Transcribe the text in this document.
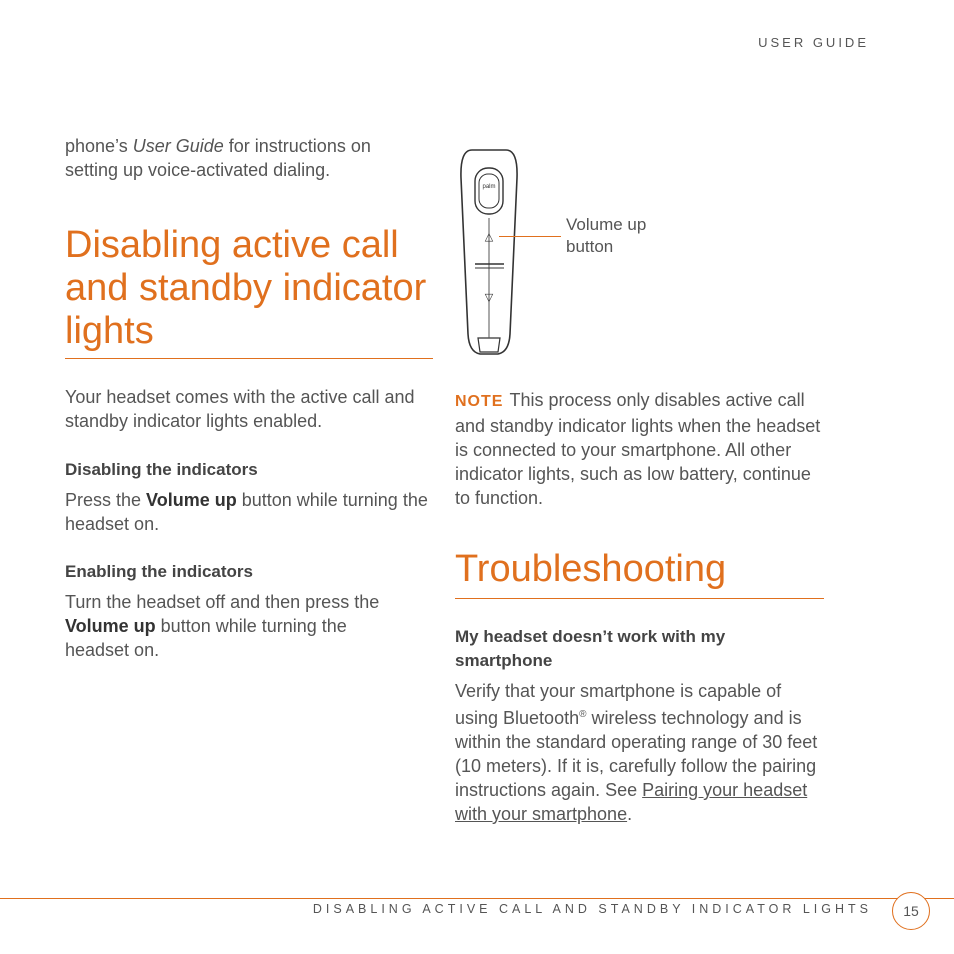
USER GUIDE
phone’s User Guide for instructions on setting up voice-activated dialing.
Disabling active call and standby indicator lights
Your headset comes with the active call and standby indicator lights enabled.
Disabling the indicators
Press the Volume up button while turning the headset on.
Enabling the indicators
Turn the headset off and then press the Volume up button while turning the headset on.
palm
△
▽
Volume up button
NOTE This process only disables active call and standby indicator lights when the headset is connected to your smartphone. All other indicator lights, such as low battery, continue to function.
Troubleshooting
My headset doesn’t work with my smartphone
Verify that your smartphone is capable of using Bluetooth® wireless technology and is within the standard operating range of 30 feet (10 meters). If it is, carefully follow the pairing instructions again. See Pairing your headset with your smartphone.
DISABLING ACTIVE CALL AND STANDBY INDICATOR LIGHTS	15
